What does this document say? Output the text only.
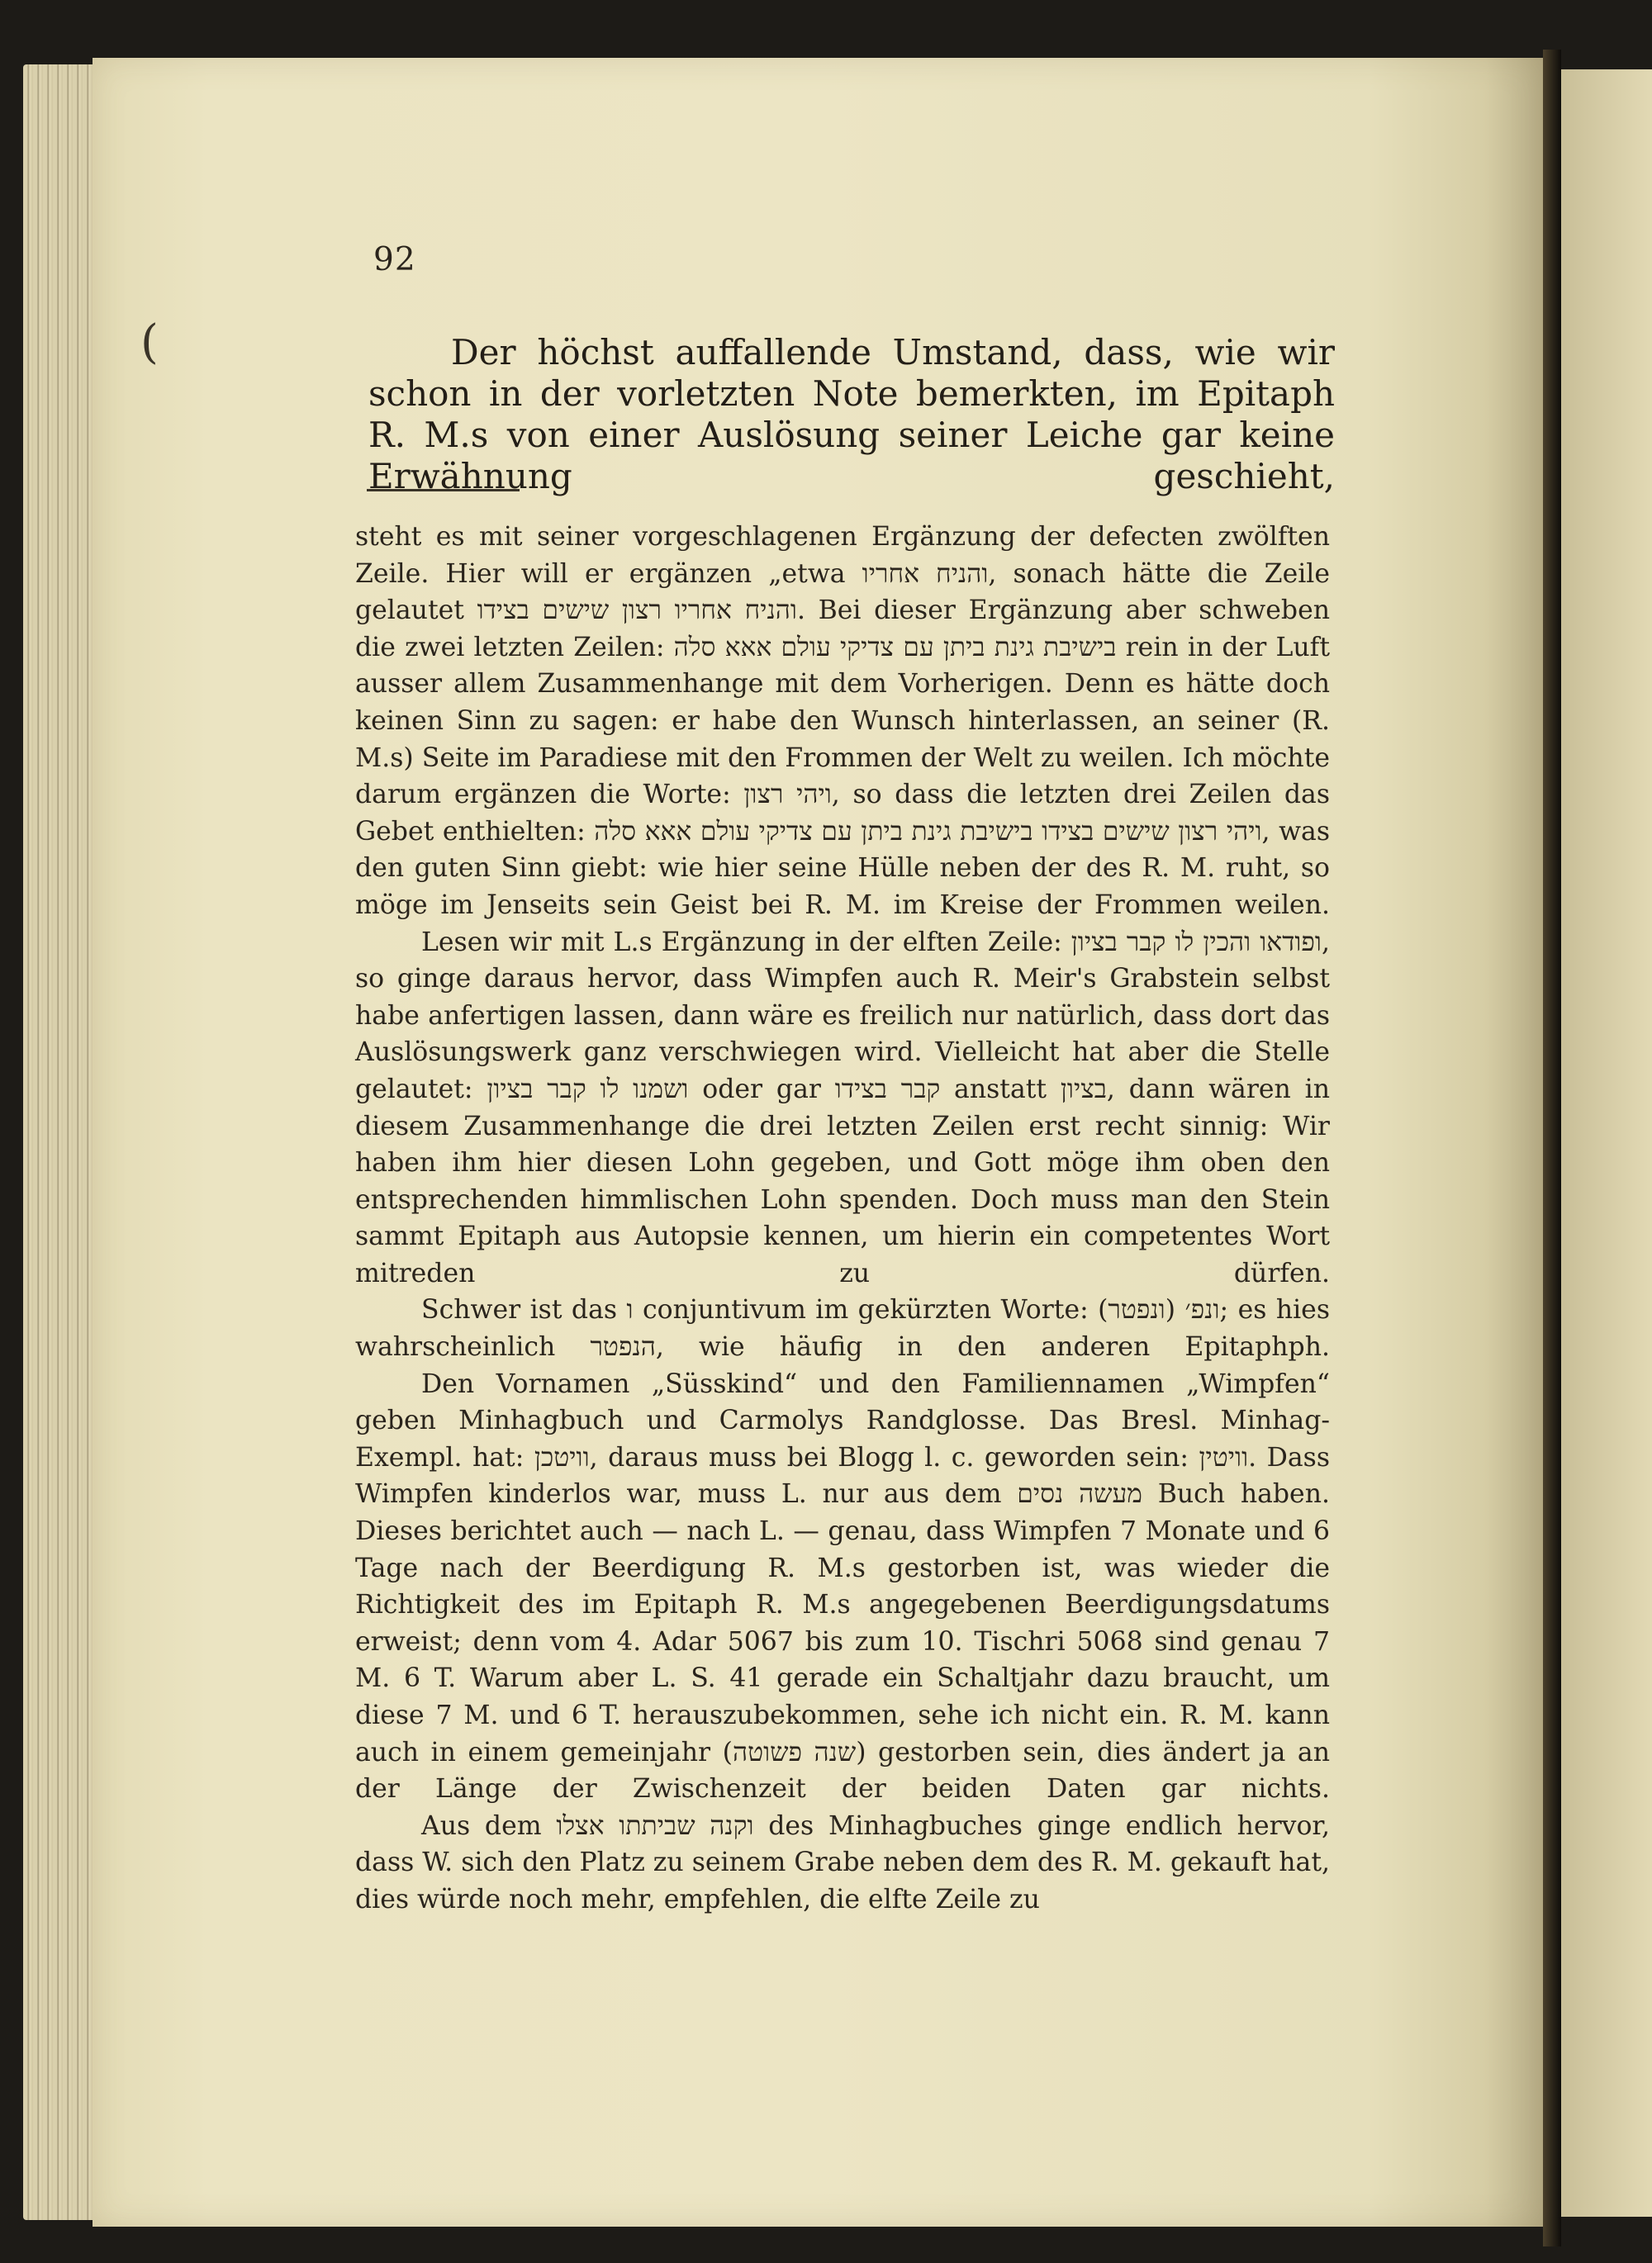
92
(	Der höchst auffallende Umstand, dass, wie wir schon in der vorletzten Note bemerkten, im Epitaph R. M.s von einer Auslösung seiner Leiche gar keine Erwähnung geschieht,

steht es mit seiner vorgeschlagenen Ergänzung der defecten zwölften Zeile. Hier will er ergänzen „etwa והניח אחריו, sonach hätte die Zeile gelautet והניח אחריו רצון שישים בצידו. Bei dieser Ergänzung aber schweben die zwei letzten Zeilen: בישיבת גינת ביתן עם צדיקי עולם אאא סלה rein in der Luft ausser allem Zusammenhange mit dem Vorherigen. Denn es hätte doch keinen Sinn zu sagen: er habe den Wunsch hinterlassen, an seiner (R. M.s) Seite im Paradiese mit den Frommen der Welt zu weilen. Ich möchte darum ergänzen die Worte: ויהי רצון, so dass die letzten drei Zeilen das Gebet enthielten: ויהי רצון שישים בצידו בישיבת גינת ביתן עם צדיקי עולם אאא סלה, was den guten Sinn giebt: wie hier seine Hülle neben der des R. M. ruht, so möge im Jenseits sein Geist bei R. M. im Kreise der Frommen weilen.

Lesen wir mit L.s Ergänzung in der elften Zeile: ופודאו והכין לו קבר בציון, so ginge daraus hervor, dass Wimpfen auch R. Meir's Grabstein selbst habe anfertigen lassen, dann wäre es freilich nur natürlich, dass dort das Auslösungswerk ganz verschwiegen wird. Vielleicht hat aber die Stelle gelautet: ושמנו לו קבר בציון oder gar קבר בצידו anstatt בציון, dann wären in diesem Zusammenhange die drei letzten Zeilen erst recht sinnig: Wir haben ihm hier diesen Lohn gegeben, und Gott möge ihm oben den entsprechenden himmlischen Lohn spenden. Doch muss man den Stein sammt Epitaph aus Autopsie kennen, um hierin ein competentes Wort mitreden zu dürfen.

Schwer ist das ו conjuntivum im gekürzten Worte: ונפ׳ (ונפטר); es hies wahrscheinlich הנפטר, wie häufig in den anderen Epitaphph.

Den Vornamen „Süsskind“ und den Familiennamen „Wimpfen“ geben Minhagbuch und Carmolys Randglosse. Das Bresl. Minhag-Exempl. hat: וויטכן, daraus muss bei Blogg l. c. geworden sein: וויטין. Dass Wimpfen kinderlos war, muss L. nur aus dem מעשה נסים Buch haben. Dieses berichtet auch — nach L. — genau, dass Wimpfen 7 Monate und 6 Tage nach der Beerdigung R. M.s gestorben ist, was wieder die Richtigkeit des im Epitaph R. M.s angegebenen Beerdigungsdatums erweist; denn vom 4. Adar 5067 bis zum 10. Tischri 5068 sind genau 7 M. 6 T. Warum aber L. S. 41 gerade ein Schaltjahr dazu braucht, um diese 7 M. und 6 T. herauszubekommen, sehe ich nicht ein. R. M. kann auch in einem gemeinjahr (שנה פשוטה) gestorben sein, dies ändert ja an der Länge der Zwischenzeit der beiden Daten gar nichts.

Aus dem וקנה שביתתו אצלו des Minhagbuches ginge endlich hervor, dass W. sich den Platz zu seinem Grabe neben dem des R. M. gekauft hat, dies würde noch mehr, empfehlen, die elfte Zeile zu
